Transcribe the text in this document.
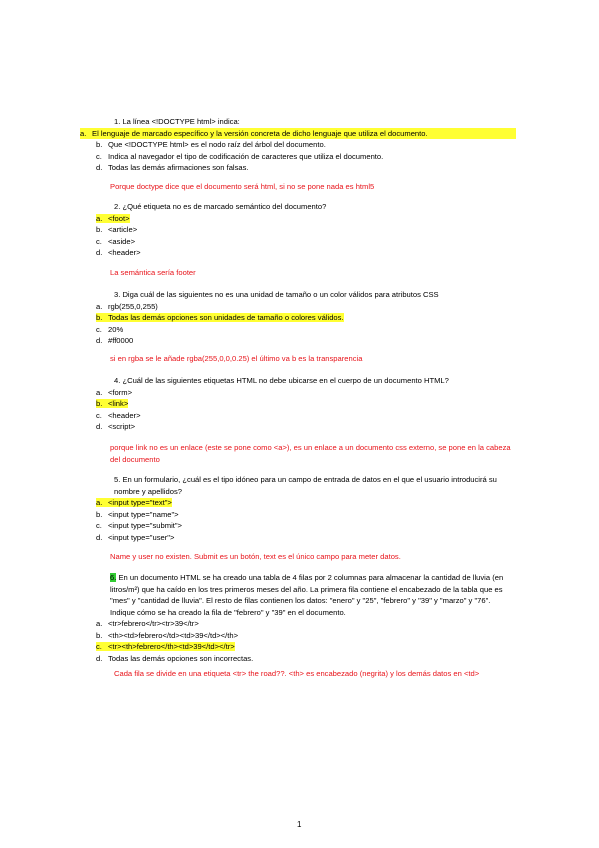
1. La línea <!DOCTYPE html> indica:
a. El lenguaje de marcado específico y la versión concreta de dicho lenguaje que utiliza el documento.
b. Que <!DOCTYPE html> es el nodo raíz del árbol del documento.
c. Indica al navegador el tipo de codificación de caracteres que utiliza el documento.
d. Todas las demás afirmaciones son falsas.
Porque doctype dice que el documento será html, si no se pone nada es html5
2. ¿Qué etiqueta no es de marcado semántico del documento?
a. <foot>
b. <article>
c. <aside>
d. <header>
La semántica sería footer
3. Diga cuál de las siguientes no es una unidad de tamaño o un color válidos para atributos CSS
a. rgb(255,0,255)
b. Todas las demás opciones son unidades de tamaño o colores válidos.
c. 20%
d. #ff0000
si en rgba se le añade rgba(255,0,0,0.25) el último va b es la transparencia
4. ¿Cuál de las siguientes etiquetas HTML no debe ubicarse en el cuerpo de un documento HTML?
a. <form>
b. <link>
c. <header>
d. <script>
porque link no es un enlace (este se pone como <a>), es un enlace a un documento css externo, se pone en la cabeza del documento
5. En un formulario, ¿cuál es el tipo idóneo para un campo de entrada de datos en el que el usuario introducirá su nombre y apellidos?
a. <input type="text">
b. <input type="name">
c. <input type="submit">
d. <input type="user">
Name y user no existen. Submit es un botón, text es el único campo para meter datos.
6. En un documento HTML se ha creado una tabla de 4 filas por 2 columnas para almacenar la cantidad de lluvia (en litros/m²) que ha caído en los tres primeros meses del año. La primera fila contiene el encabezado de la tabla que es "mes" y "cantidad de lluvia". El resto de filas contienen los datos: "enero" y "25", "febrero" y "39" y "marzo" y "76". Indique cómo se ha creado la fila de "febrero" y "39" en el documento.
a. <tr>febrero</tr><tr>39</tr>
b. <th><td>febrero</td><td>39</td></th>
c. <tr><th>febrero</th><td>39</td></tr>
d. Todas las demás opciones son incorrectas.
Cada fila se divide en una etiqueta <tr> the road??. <th> es encabezado (negrita) y los demás datos en <td>
1
